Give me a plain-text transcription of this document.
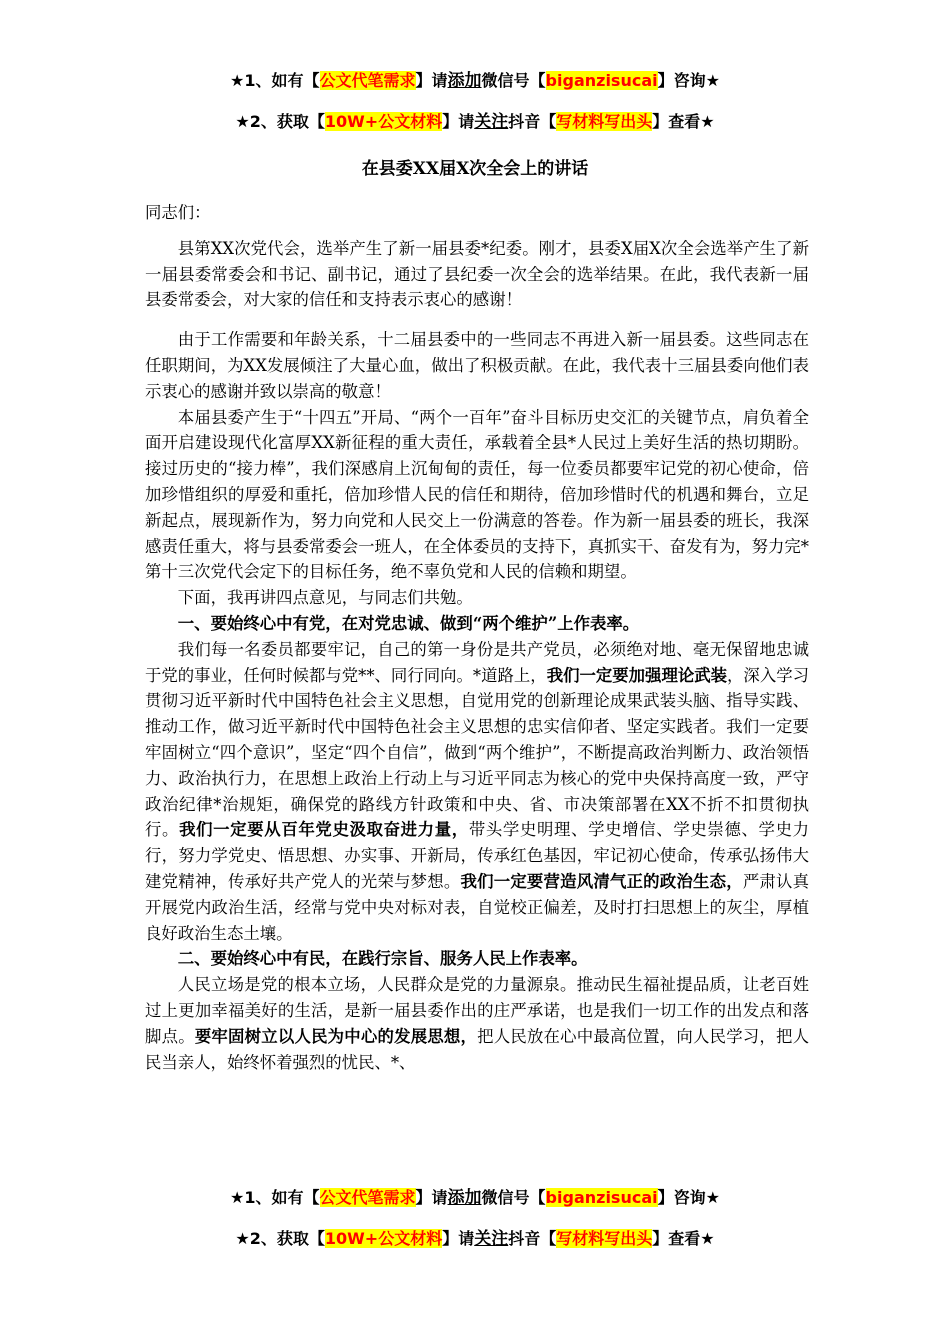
★1、如有【公文代笔需求】请添加微信号【biganzisucai】咨询★
★2、获取【10W+公文材料】请关注抖音【写材料写出头】查看★
在县委XX届X次全会上的讲话

同志们：

县第XX次党代会，选举产生了新一届县委*纪委。刚才，县委X届X次全会选举产生了新一届县委常委会和书记、副书记，通过了县纪委一次全会的选举结果。在此，我代表新一届县委常委会，对大家的信任和支持表示衷心的感谢！

由于工作需要和年龄关系，十二届县委中的一些同志不再进入新一届县委。这些同志在任职期间，为XX发展倾注了大量心血，做出了积极贡献。在此，我代表十三届县委向他们表示衷心的感谢并致以崇高的敬意！

本届县委产生于“十四五”开局、“两个一百年”奋斗目标历史交汇的关键节点，肩负着全面开启建设现代化富厚XX新征程的重大责任，承载着全县*人民过上美好生活的热切期盼。接过历史的“接力棒”，我们深感肩上沉甸甸的责任，每一位委员都要牢记党的初心使命，倍加珍惜组织的厚爱和重托，倍加珍惜人民的信任和期待，倍加珍惜时代的机遇和舞台，立足新起点，展现新作为，努力向党和人民交上一份满意的答卷。作为新一届县委的班长，我深感责任重大，将与县委常委会一班人，在全体委员的支持下，真抓实干、奋发有为，努力完*第十三次党代会定下的目标任务，绝不辜负党和人民的信赖和期望。

下面，我再讲四点意见，与同志们共勉。

一、要始终心中有党，在对党忠诚、做到“两个维护”上作表率。

我们每一名委员都要牢记，自己的第一身份是共产党员，必须绝对地、毫无保留地忠诚于党的事业，任何时候都与党**、同行同向。*道路上，我们一定要加强理论武装，深入学习贯彻习近平新时代中国特色社会主义思想，自觉用党的创新理论成果武装头脑、指导实践、推动工作，做习近平新时代中国特色社会主义思想的忠实信仰者、坚定实践者。我们一定要牢固树立“四个意识”，坚定“四个自信”，做到“两个维护”，不断提高政治判断力、政治领悟力、政治执行力，在思想上政治上行动上与习近平同志为核心的党中央保持高度一致，严守政治纪律*治规矩，确保党的路线方针政策和中央、省、市决策部署在XX不折不扣贯彻执行。我们一定要从百年党史汲取奋进力量，带头学史明理、学史增信、学史崇德、学史力行，努力学党史、悟思想、办实事、开新局，传承红色基因，牢记初心使命，传承弘扬伟大建党精神，传承好共产党人的光荣与梦想。我们一定要营造风清气正的政治生态，严肃认真开展党内政治生活，经常与党中央对标对表，自觉校正偏差，及时打扫思想上的灰尘，厚植良好政治生态土壤。

二、要始终心中有民，在践行宗旨、服务人民上作表率。

人民立场是党的根本立场，人民群众是党的力量源泉。推动民生福祉提品质，让老百姓过上更加幸福美好的生活，是新一届县委作出的庄严承诺，也是我们一切工作的出发点和落脚点。要牢固树立以人民为中心的发展思想，把人民放在心中最高位置，向人民学习，把人民当亲人，始终怀着强烈的忧民、*、

★1、如有【公文代笔需求】请添加微信号【biganzisucai】咨询★
★2、获取【10W+公文材料】请关注抖音【写材料写出头】查看★
